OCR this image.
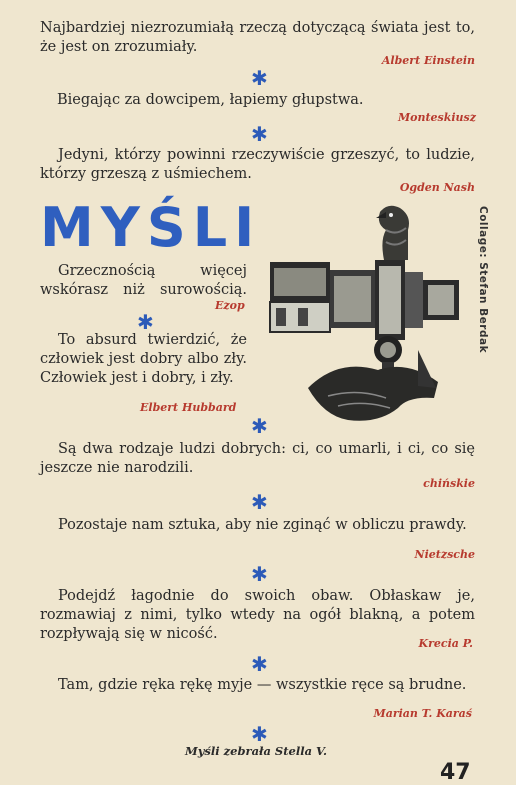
Najbardziej niezrozumiałą rzeczą dotyczącą świata jest to, że jest on zrozumiały.

Albert Einstein

✱

Biegając za dowcipem, łapiemy głupstwa.

Monteskiusz

✱

Jedyni, którzy powinni rzeczywiście grzeszyć, to ludzie, którzy grzeszą z uśmiechem.

Ogden Nash

MYŚLI	Collage: Stefan Berdak

Grzecznością więcej wskórasz niż surowością.

Ezop

✱

To absurd twierdzić, że człowiek jest dobry albo zły. Człowiek jest i dobry, i zły.

Elbert Hubbard

✱

Są dwa rodzaje ludzi dobrych: ci, co umarli, i ci, co się jeszcze nie narodzili.

chińskie

✱

Pozostaje nam sztuka, aby nie zginąć w obliczu prawdy.

Nietzsche

✱

Podejdź łagodnie do swoich obaw. Obłaskaw je, rozmawiaj z nimi, tylko wtedy na ogół blakną, a potem rozpływają się w nicość.

Krecia P.

✱

Tam, gdzie ręka rękę myje — wszystkie ręce są brudne.

Marian T. Karaś

✱

Myśli zebrała Stella V.

47
